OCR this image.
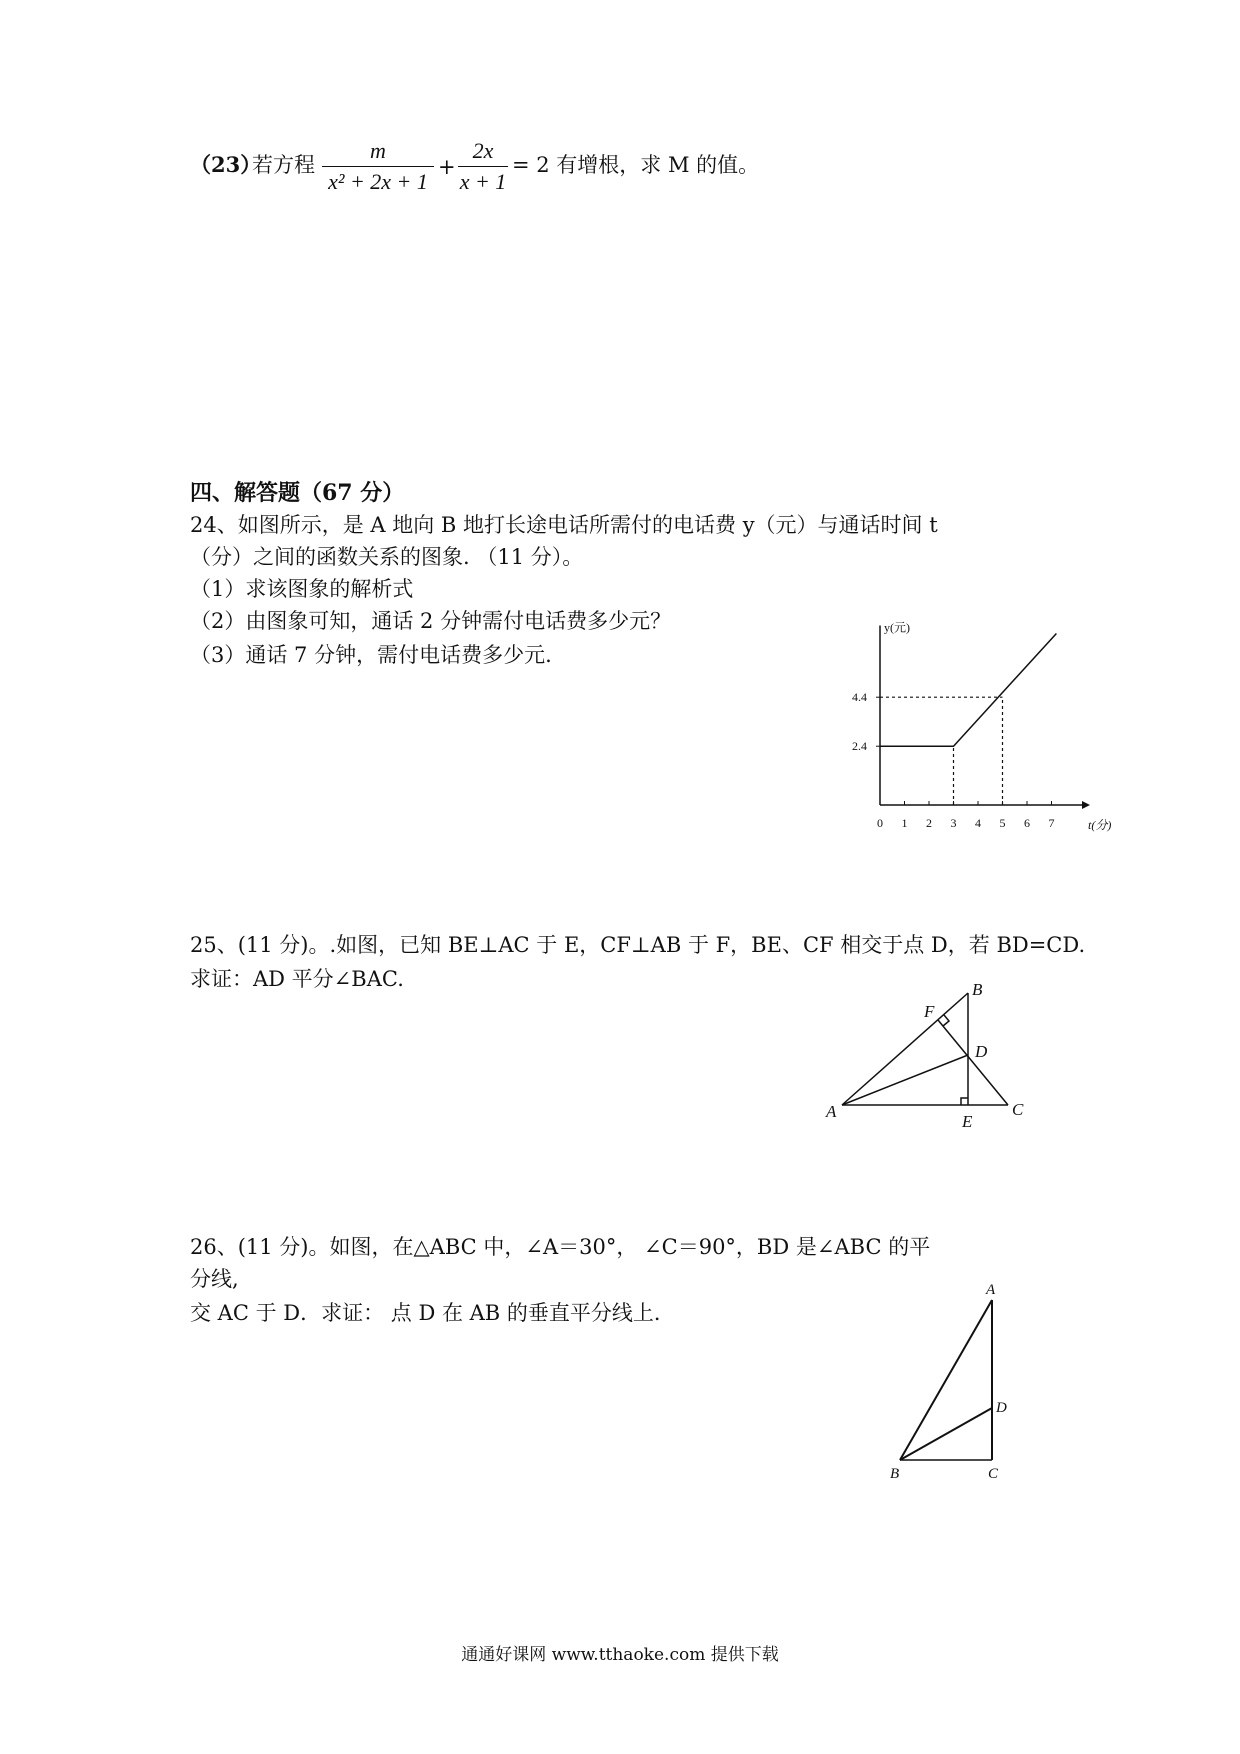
（23）
若方程
m
x² + 2x + 1
+
2x
x + 1
= 2 有增根，求 M 的值。
四、解答题（67 分）
24、如图所示，是 A 地向 B 地打长途电话所需付的电话费 y（元）与通话时间 t
（分）之间的函数关系的图象. （11 分）。
（1）求该图象的解析式
（2）由图象可知，通话 2 分钟需付电话费多少元？
（3）通话 7 分钟，需付电话费多少元.
0 1 2 3 4 5 6 7
2.4
4.4
y(元)
t(分)
25、(11 分)。.如图，已知 BE⊥AC 于 E，CF⊥AB 于 F，BE、CF 相交于点 D，若 BD=CD.
求证：AD 平分∠BAC.
A
B
C
D
E
F
26、(11 分)。如图，在△ABC 中，∠A＝30°， ∠C＝90°，BD 是∠ABC 的平
分线,
交 AC 于 D．求证： 点 D 在 AB 的垂直平分线上．
A
B	C
D
通通好课网 www.tthaoke.com 提供下载
